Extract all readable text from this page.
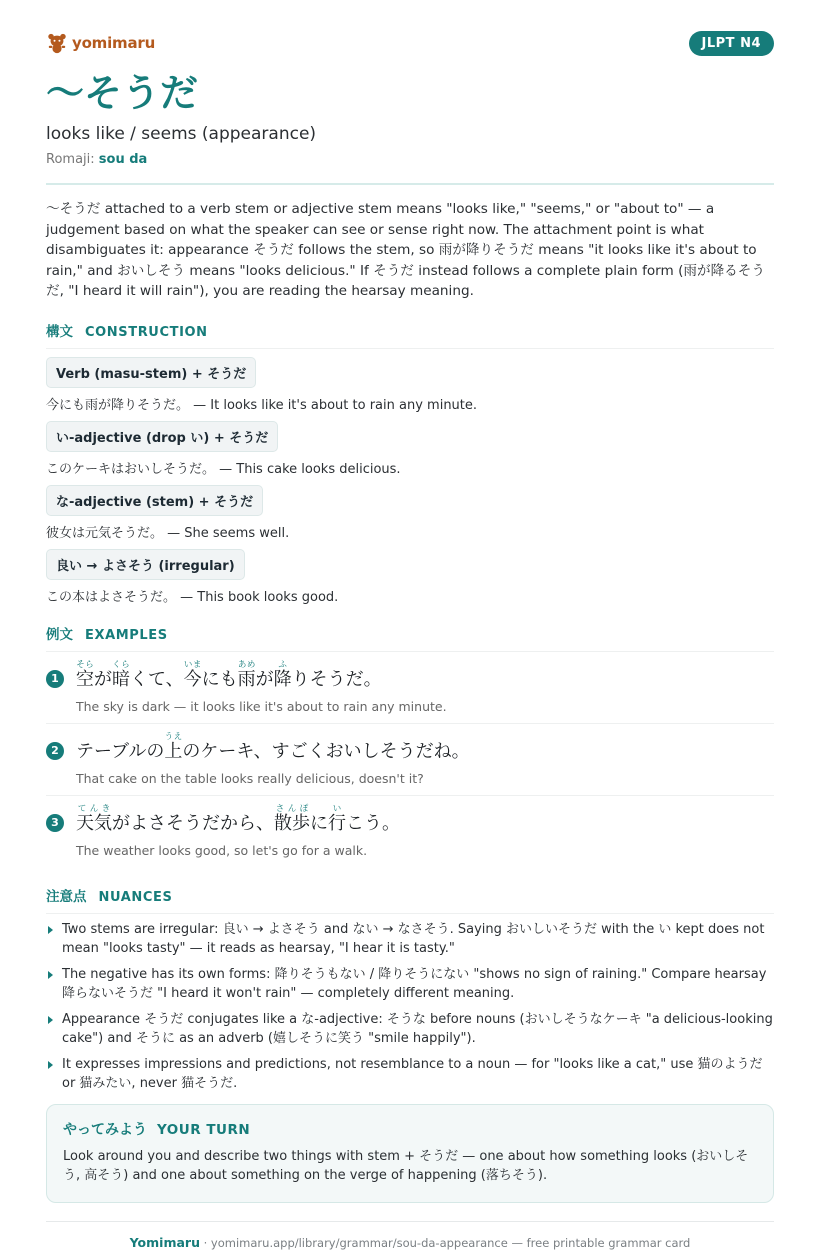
yomimaru	JLPT N4
〜そうだ
looks like / seems (appearance)
Romaji: sou da

〜そうだ attached to a verb stem or adjective stem means "looks like," "seems," or "about to" — a judgement based on what the speaker can see or sense right now. The attachment point is what disambiguates it: appearance そうだ follows the stem, so 雨が降りそうだ means "it looks like it's about to rain," and おいしそう means "looks delicious." If そうだ instead follows a complete plain form (雨が降るそうだ, "I heard it will rain"), you are reading the hearsay meaning.

構文 CONSTRUCTION
Verb (masu-stem) + そうだ
今にも雨が降りそうだ。 — It looks like it's about to rain any minute.
い-adjective (drop い) + そうだ
このケーキはおいしそうだ。 — This cake looks delicious.
な-adjective (stem) + そうだ
彼女は元気そうだ。 — She seems well.
良い → よさそう (irregular)
この本はよさそうだ。 — This book looks good.
例文 EXAMPLES
1 空そらが暗くらくて、今いまにも雨あめが降ふりそうだ。
The sky is dark — it looks like it's about to rain any minute.
2 テーブルの上うえのケーキ、すごくおいしそうだね。
That cake on the table looks really delicious, doesn't it?
3 天気てんきがよさそうだから、散歩さんぽに行いこう。
The weather looks good, so let's go for a walk.
注意点 NUANCES
Two stems are irregular: 良い → よさそう and ない → なさそう. Saying おいしいそうだ with the い kept does not mean "looks tasty" — it reads as hearsay, "I hear it is tasty."
The negative has its own forms: 降りそうもない / 降りそうにない "shows no sign of raining." Compare hearsay 降らないそうだ "I heard it won't rain" — completely different meaning.
Appearance そうだ conjugates like a な-adjective: そうな before nouns (おいしそうなケーキ "a delicious-looking cake") and そうに as an adverb (嬉しそうに笑う "smile happily").
It expresses impressions and predictions, not resemblance to a noun — for "looks like a cat," use 猫のようだ or 猫みたい, never 猫そうだ.
やってみよう YOUR TURN
Look around you and describe two things with stem + そうだ — one about how something looks (おいしそう, 高そう) and one about something on the verge of happening (落ちそう).
Yomimaru · yomimaru.app/library/grammar/sou-da-appearance — free printable grammar card
